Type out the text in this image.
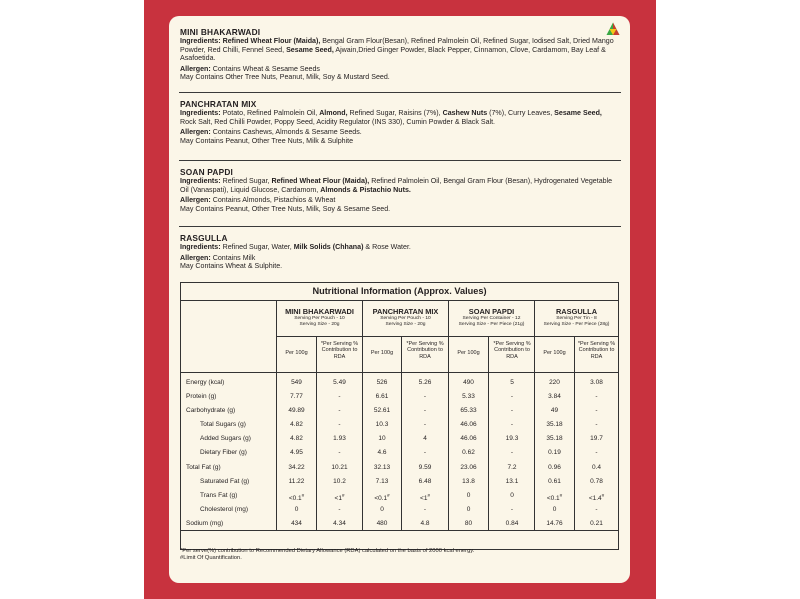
MINI BHAKARWADI

Ingredients: Refined Wheat Flour (Maida), Bengal Gram Flour(Besan), Refined Palmolein Oil, Refined Sugar, Iodised Salt, Dried Mango Powder, Red Chilli, Fennel Seed, Sesame Seed, Ajwain,Dried Ginger Powder, Black Pepper, Cinnamon, Clove, Cardamom, Bay Leaf & Asafoetida.

Allergen: Contains Wheat & Sesame Seeds
May Contains Other Tree Nuts, Peanut, Milk, Soy & Mustard Seed.

PANCHRATAN MIX

Ingredients: Potato, Refined Palmolein Oil, Almond, Refined Sugar, Raisins (7%), Cashew Nuts (7%), Curry Leaves, Sesame Seed, Rock Salt, Red Chilli Powder, Poppy Seed, Acidity Regulator (INS 330), Cumin Powder & Black Salt.

Allergen: Contains Cashews, Almonds & Sesame Seeds.
May Contains Peanut, Other Tree Nuts, Milk & Sulphite

SOAN PAPDI

Ingredients: Refined Sugar, Refined Wheat Flour (Maida), Refined Palmolein Oil, Bengal Gram Flour (Besan), Hydrogenated Vegetable Oil (Vanaspati), Liquid Glucose, Cardamom, Almonds & Pistachio Nuts.

Allergen: Contains Almonds, Pistachios & Wheat
May Contains Peanut, Other Tree Nuts, Milk, Soy & Sesame Seed.

RASGULLA

Ingredients: Refined Sugar, Water, Milk Solids (Chhana) & Rose Water.

Allergen: Contains Milk
May Contains Wheat & Sulphite.

Nutritional Information (Approx. Values)
MINI BHAKARWADI
Serving Per Pouch - 10
Serving Size - 20g
PANCHRATAN MIX
Serving Per Pouch - 10
Serving Size - 20g
SOAN PAPDI
Serving Per Container - 12
Serving Size - Per Piece (21g)
RASGULLA
Serving Per Tin - 8
Serving Size - Per Piece (28g)
Per 100g
*Per Serving % Contribution to RDA
Per 100g
*Per Serving % Contribution to RDA
Per 100g
*Per Serving % Contribution to RDA
Per 100g
*Per Serving % Contribution to RDA
Energy (kcal)	549	5.49	526	5.26	490	5	220	3.08
Protein (g)	7.77	-	6.61	-	5.33	-	3.84	-
Carbohydrate (g)	49.89	-	52.61	-	65.33	-	49	-
Total Sugars (g)	4.82	-	10.3	-	46.06	-	35.18	-
Added Sugars (g)	4.82	1.93	10	4	46.06	19.3	35.18	19.7
Dietary Fiber (g)	4.95	-	4.6	-	0.62	-	0.19	-
Total Fat (g)	34.22	10.21	32.13	9.59	23.06	7.2	0.96	0.4
Saturated Fat (g)	11.22	10.2	7.13	6.48	13.8	13.1	0.61	0.78
Trans Fat (g)	<0.1#	<1#	<0.1#	<1#	0	0	<0.1#	<1.4#
Cholesterol (mg)	0	-	0	-	0	-	0	-
Sodium (mg)	434	4.34	480	4.8	80	0.84	14.76	0.21
*Per serve(%) contribution to Recommended Dietary Allowance (RDA) calculated on the basis of 2000 kcal energy.
#Limit Of Quantification.
